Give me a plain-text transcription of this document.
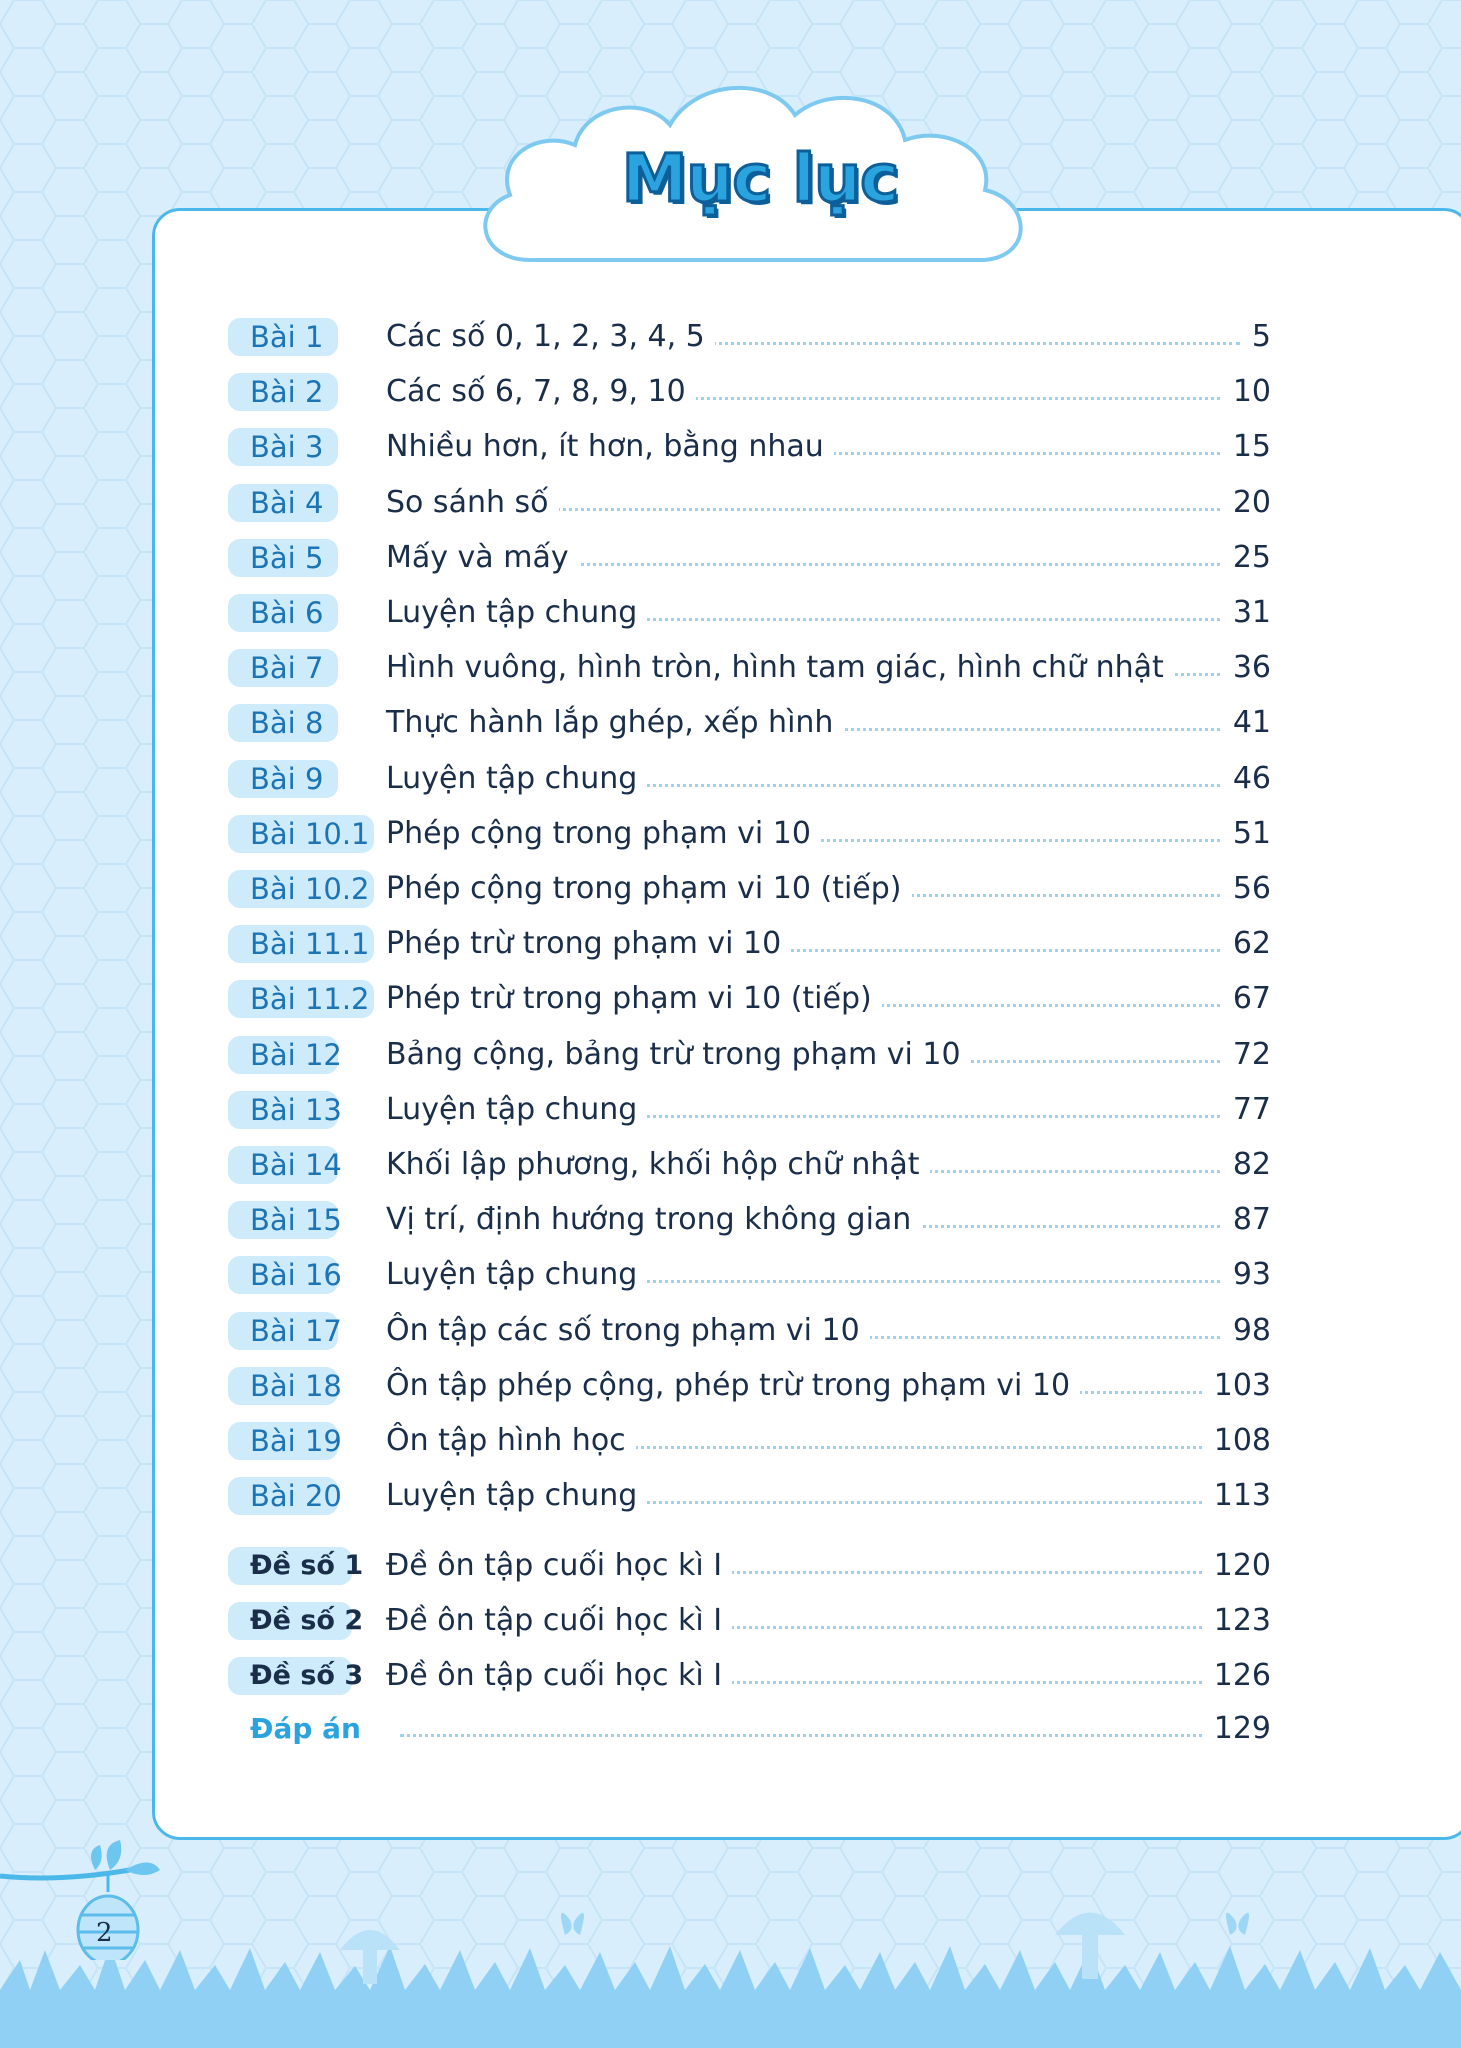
Mục lục
Bài 1	Các số 0, 1, 2, 3, 4, 5	5
Bài 2	Các số 6, 7, 8, 9, 10	10
Bài 3	Nhiều hơn, ít hơn, bằng nhau	15
Bài 4	So sánh số	20
Bài 5	Mấy và mấy	25
Bài 6	Luyện tập chung	31
Bài 7	Hình vuông, hình tròn, hình tam giác, hình chữ nhật	36
Bài 8	Thực hành lắp ghép, xếp hình	41
Bài 9	Luyện tập chung	46
Bài 10.1 Phép cộng trong phạm vi 10	51
Bài 10.2 Phép cộng trong phạm vi 10 (tiếp)	56
Bài 11.1 Phép trừ trong phạm vi 10	62
Bài 11.2 Phép trừ trong phạm vi 10 (tiếp)	67
Bài 12 Bảng cộng, bảng trừ trong phạm vi 10	72
Bài 13 Luyện tập chung	77
Bài 14 Khối lập phương, khối hộp chữ nhật	82
Bài 15 Vị trí, định hướng trong không gian	87
Bài 16 Luyện tập chung	93
Bài 17 Ôn tập các số trong phạm vi 10	98
Bài 18 Ôn tập phép cộng, phép trừ trong phạm vi 10	103
Bài 19 Ôn tập hình học	108
Bài 20 Luyện tập chung	113
Đề số 1 Đề ôn tập cuối học kì I	120
Đề số 2 Đề ôn tập cuối học kì I	123
Đề số 3 Đề ôn tập cuối học kì I	126
Đáp án	129
2
